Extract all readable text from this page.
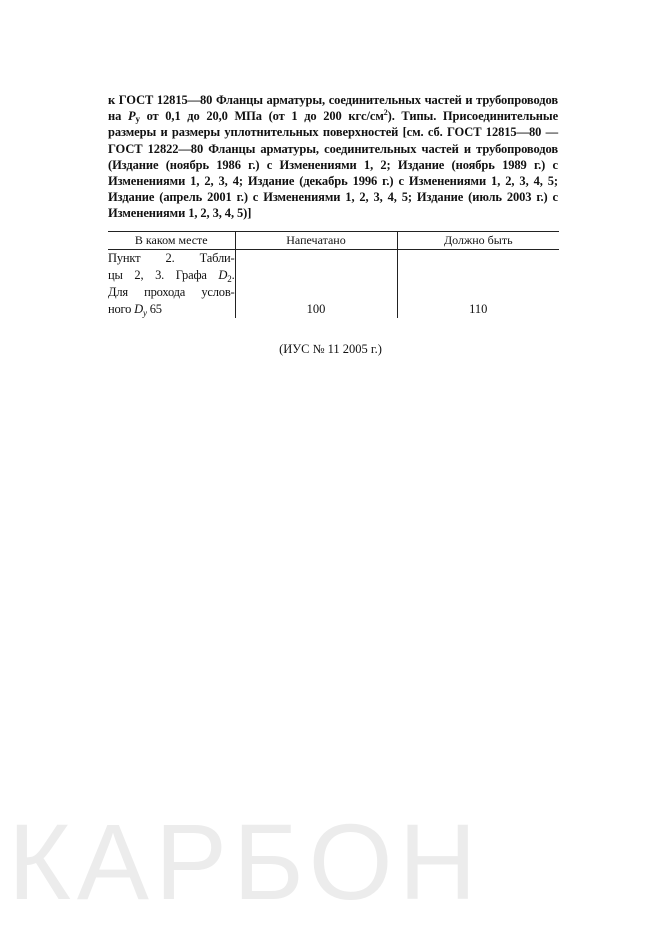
к ГОСТ 12815—80 Фланцы арматуры, соединительных частей и трубопроводов на $P_у$ от 0,1 до 20,0 МПа (от 1 до 200 кгс/$см^2$). Типы. Присоединительные размеры и размеры уплотнительных поверхностей [см. сб. ГОСТ 12815—80 — ГОСТ 12822—80 Фланцы арматуры, соединительных частей и трубопроводов (Издание (ноябрь 1986 г.) с Изменениями 1, 2; Издание (ноябрь 1989 г.) с Изменениями 1, 2, 3, 4; Издание (декабрь 1996 г.) с Изменениями 1, 2, 3, 4, 5; Издание (апрель 2001 г.) с Изменениями 1, 2, 3, 4, 5; Издание (июль 2003 г.) с Изменениями 1, 2, 3, 4, 5)]
В каком месте	Напечатано	Должно быть

Пункт 2. Табли-
цы 2, 3. Графа $D_2$.
Для прохода услов-
ного $D_у$ 65	100	110
(ИУС № 11 2005 г.)
КАРБОН
